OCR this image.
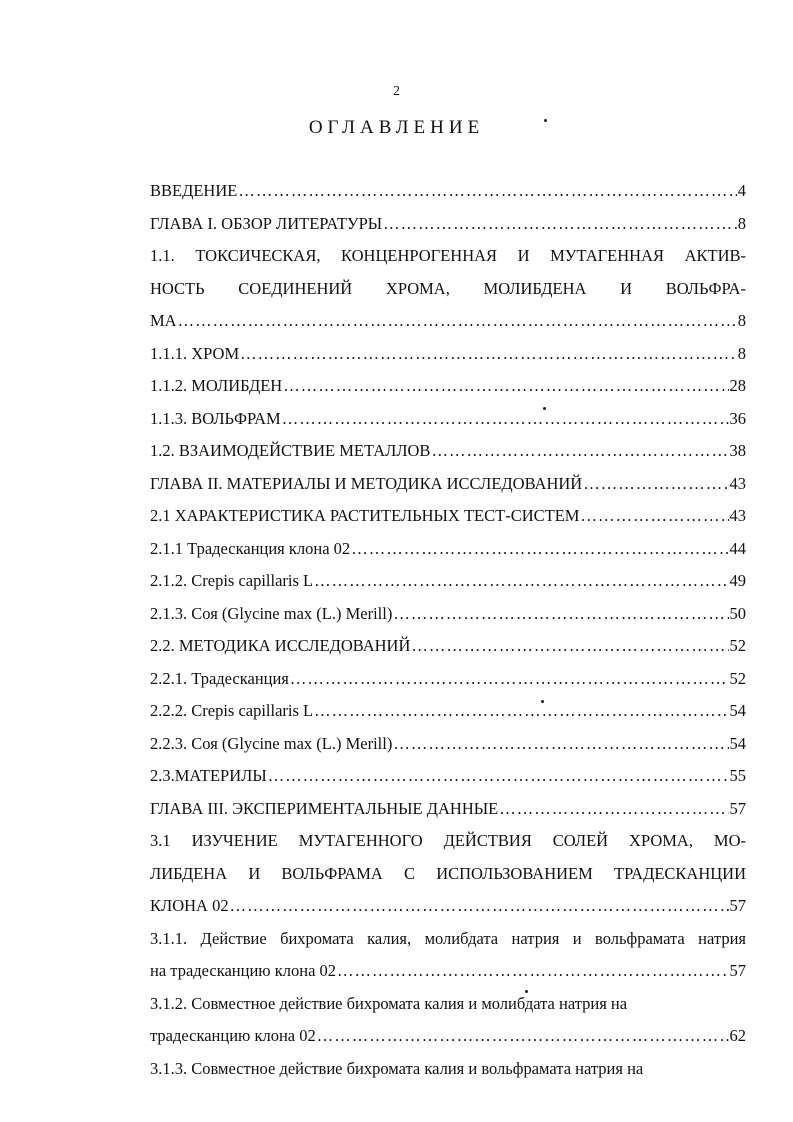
2
ОГЛАВЛЕНИЕ
ВВЕДЕНИЕ …………………………………………………………………………………………………………………………………………………………………………	4
ГЛАВА I. ОБЗОР ЛИТЕРАТУРЫ …………………………………………………………………………………………………………………………………………………………………………	8
1.1. ТОКСИЧЕСКАЯ, КОНЦЕНРОГЕННАЯ И МУТАГЕННАЯ АКТИВ-
НОСТЬ СОЕДИНЕНИЙ ХРОМА, МОЛИБДЕНА И ВОЛЬФРА-
МА …………………………………………………………………………………………………………………………………………………………………………	8
1.1.1. ХРОМ …………………………………………………………………………………………………………………………………………………………………………	8
1.1.2. МОЛИБДЕН …………………………………………………………………………………………………………………………………………………………………………	28
1.1.3. ВОЛЬФРАМ …………………………………………………………………………………………………………………………………………………………………………	36
1.2. ВЗАИМОДЕЙСТВИЕ МЕТАЛЛОВ …………………………………………………………………………………………………………………………………………………………………………	38
ГЛАВА II. МАТЕРИАЛЫ И МЕТОДИКА ИССЛЕДОВАНИЙ …………………………………………………………………………………………………………………………………………………………………………	43
2.1 ХАРАКТЕРИСТИКА РАСТИТЕЛЬНЫХ ТЕСТ-СИСТЕМ …………………………………………………………………………………………………………………………………………………………………………	43
2.1.1 Традесканция клона 02 …………………………………………………………………………………………………………………………………………………………………………	44
2.1.2. Crepis capillaris L …………………………………………………………………………………………………………………………………………………………………………	49
2.1.3. Соя (Glycine max (L.) Merill) …………………………………………………………………………………………………………………………………………………………………………	50
2.2. МЕТОДИКА ИССЛЕДОВАНИЙ …………………………………………………………………………………………………………………………………………………………………………	52
2.2.1. Традесканция …………………………………………………………………………………………………………………………………………………………………………	52
2.2.2. Crepis capillaris L …………………………………………………………………………………………………………………………………………………………………………	54
2.2.3. Соя (Glycine max (L.) Merill) …………………………………………………………………………………………………………………………………………………………………………	54
2.3.МАТЕРИЛЫ …………………………………………………………………………………………………………………………………………………………………………	55
ГЛАВА III. ЭКСПЕРИМЕНТАЛЬНЫЕ ДАННЫЕ …………………………………………………………………………………………………………………………………………………………………………	57
3.1 ИЗУЧЕНИЕ МУТАГЕННОГО ДЕЙСТВИЯ СОЛЕЙ ХРОМА, МО-
ЛИБДЕНА И ВОЛЬФРАМА С ИСПОЛЬЗОВАНИЕМ ТРАДЕСКАНЦИИ
КЛОНА 02 …………………………………………………………………………………………………………………………………………………………………………	57
3.1.1. Действие бихромата калия, молибдата натрия и вольфрамата натрия
на традесканцию клона 02 …………………………………………………………………………………………………………………………………………………………………………	57
3.1.2. Совместное действие бихромата калия и молибдата натрия на
традесканцию клона 02 …………………………………………………………………………………………………………………………………………………………………………	62
3.1.3. Совместное действие бихромата калия и вольфрамата натрия на
